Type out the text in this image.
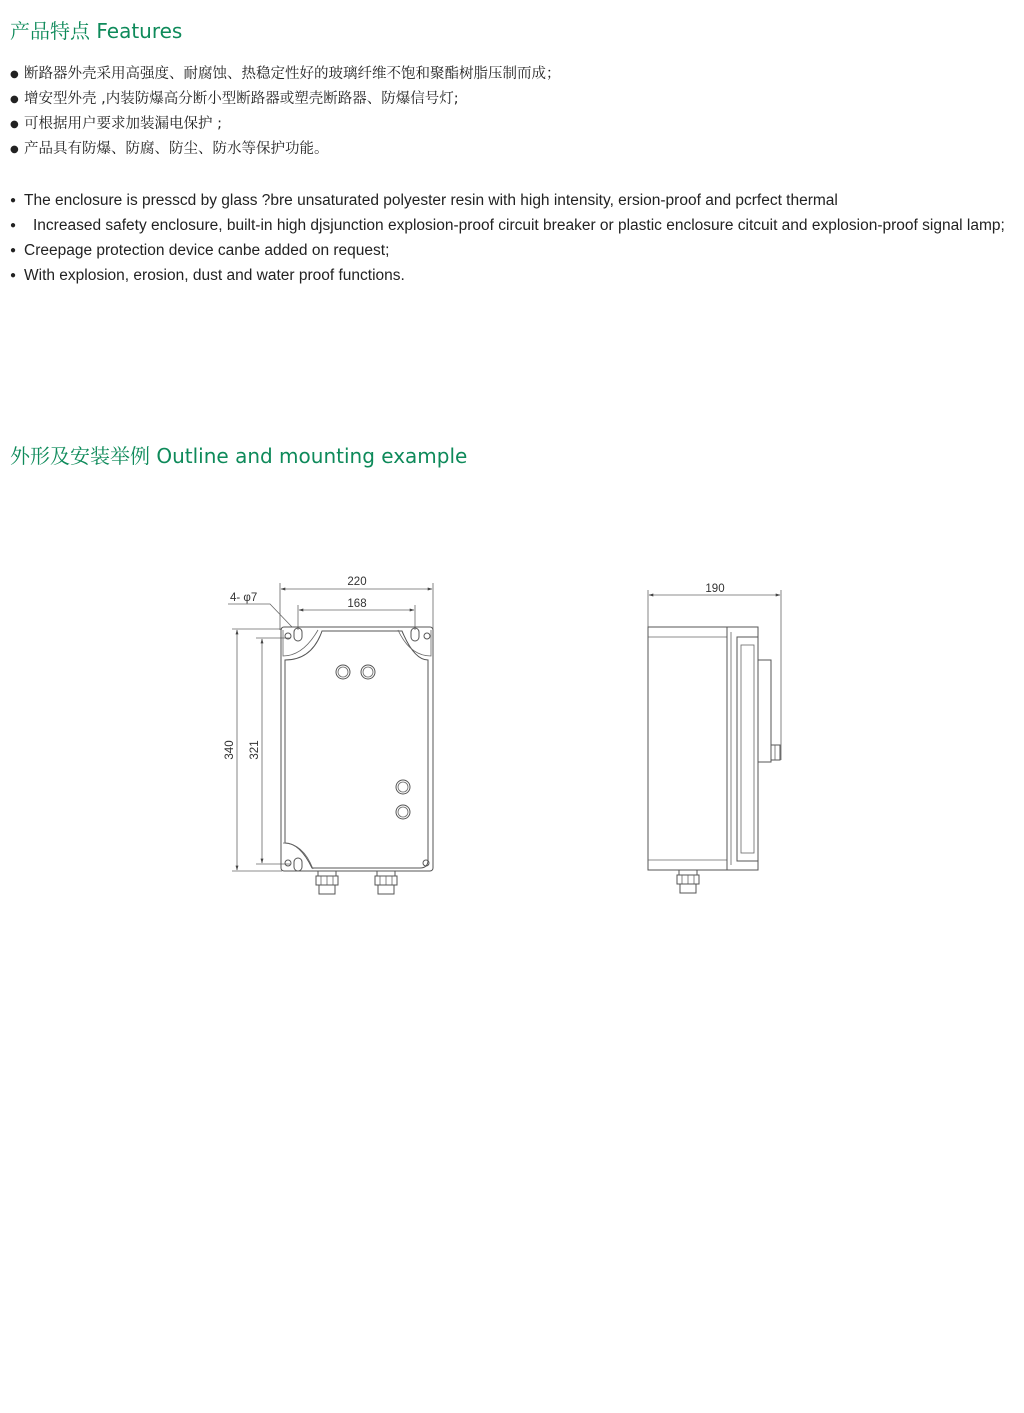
产品特点 Features
● 断路器外壳采用高强度、耐腐蚀、热稳定性好的玻璃纤维不饱和聚酯树脂压制而成；
● 增安型外壳 ,内装防爆高分断小型断路器或塑壳断路器、防爆信号灯;
● 可根据用户要求加装漏电保护 ;
● 产品具有防爆、防腐、防尘、防水等保护功能。
● The enclosure is presscd by glass ?bre unsaturated polyester resin with high intensity, ersion-proof and pcrfect thermal
● Increased safety enclosure, built-in high djsjunction explosion-proof circuit breaker or plastic enclosure citcuit and explosion-proof signal lamp;
● Creepage protection device canbe added on request;
● With explosion, erosion, dust and water proof functions.
外形及安装举例 Outline and mounting example
220
168
4- φ7
340 321
190
